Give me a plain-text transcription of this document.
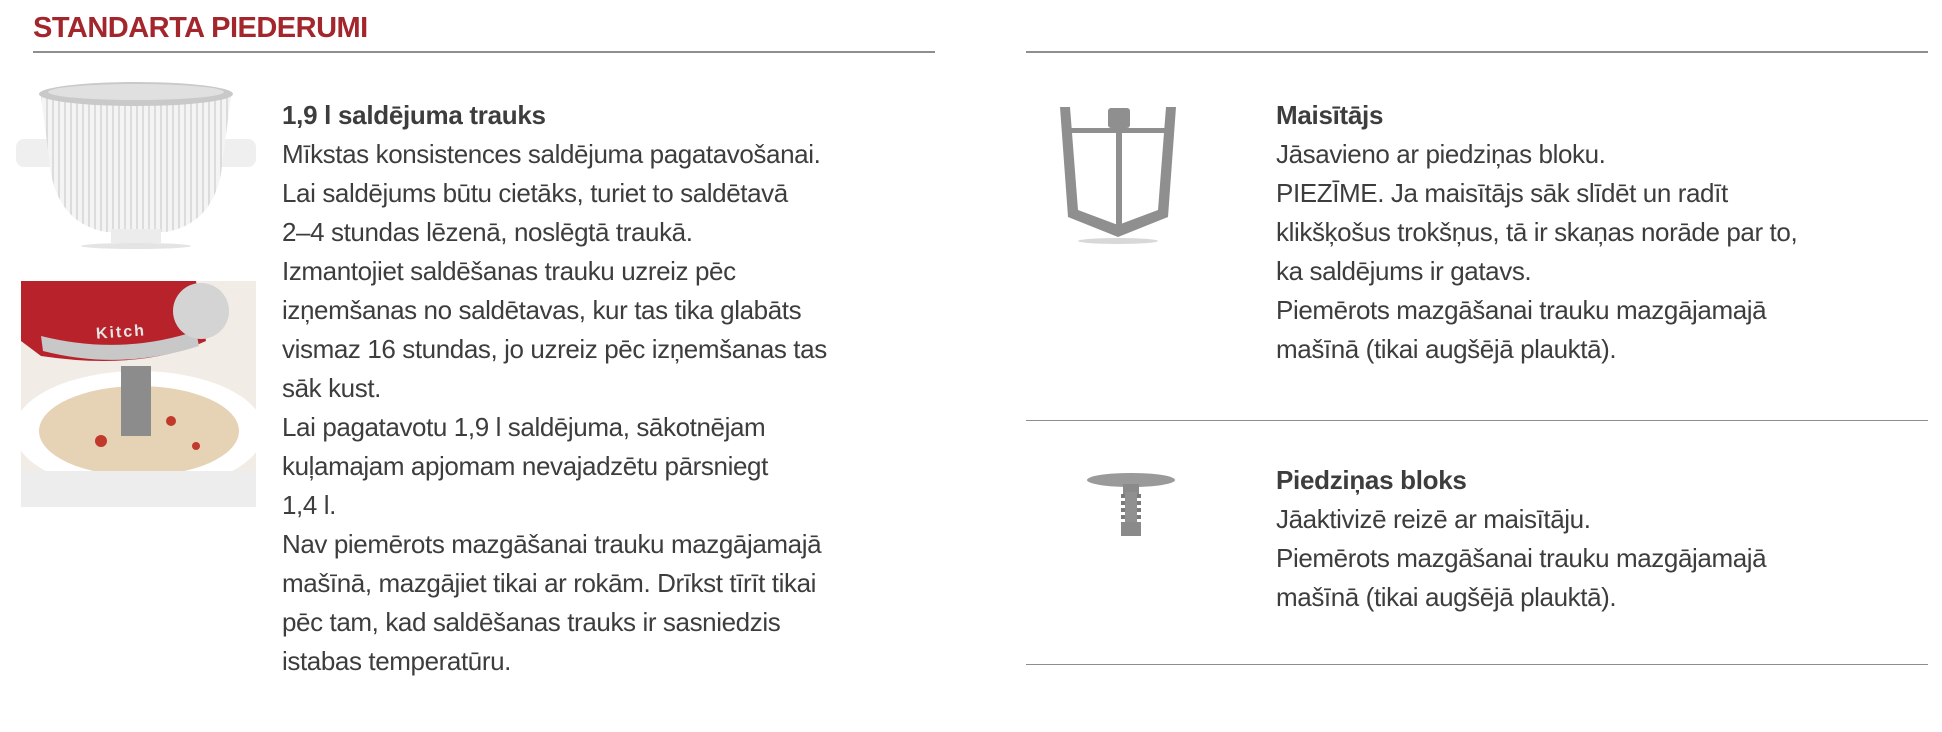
STANDARTA PIEDERUMI
Kitch
1,9 l saldējuma trauks
Mīkstas konsistences saldējuma pagatavošanai.
Lai saldējums būtu cietāks, turiet to saldētavā
2–4 stundas lēzenā, noslēgtā traukā.
Izmantojiet saldēšanas trauku uzreiz pēc
izņemšanas no saldētavas, kur tas tika glabāts
vismaz 16 stundas, jo uzreiz pēc izņemšanas tas
sāk kust.
Lai pagatavotu 1,9 l saldējuma, sākotnējam
kuļamajam apjomam nevajadzētu pārsniegt
1,4 l.
Nav piemērots mazgāšanai trauku mazgājamajā
mašīnā, mazgājiet tikai ar rokām. Drīkst tīrīt tikai
pēc tam, kad saldēšanas trauks ir sasniedzis
istabas temperatūru.
Maisītājs
Jāsavieno ar piedziņas bloku.
PIEZĪME. Ja maisītājs sāk slīdēt un radīt
klikšķošus trokšņus, tā ir skaņas norāde par to,
ka saldējums ir gatavs.
Piemērots mazgāšanai trauku mazgājamajā
mašīnā (tikai augšējā plauktā).
Piedziņas bloks
Jāaktivizē reizē ar maisītāju.
Piemērots mazgāšanai trauku mazgājamajā
mašīnā (tikai augšējā plauktā).
